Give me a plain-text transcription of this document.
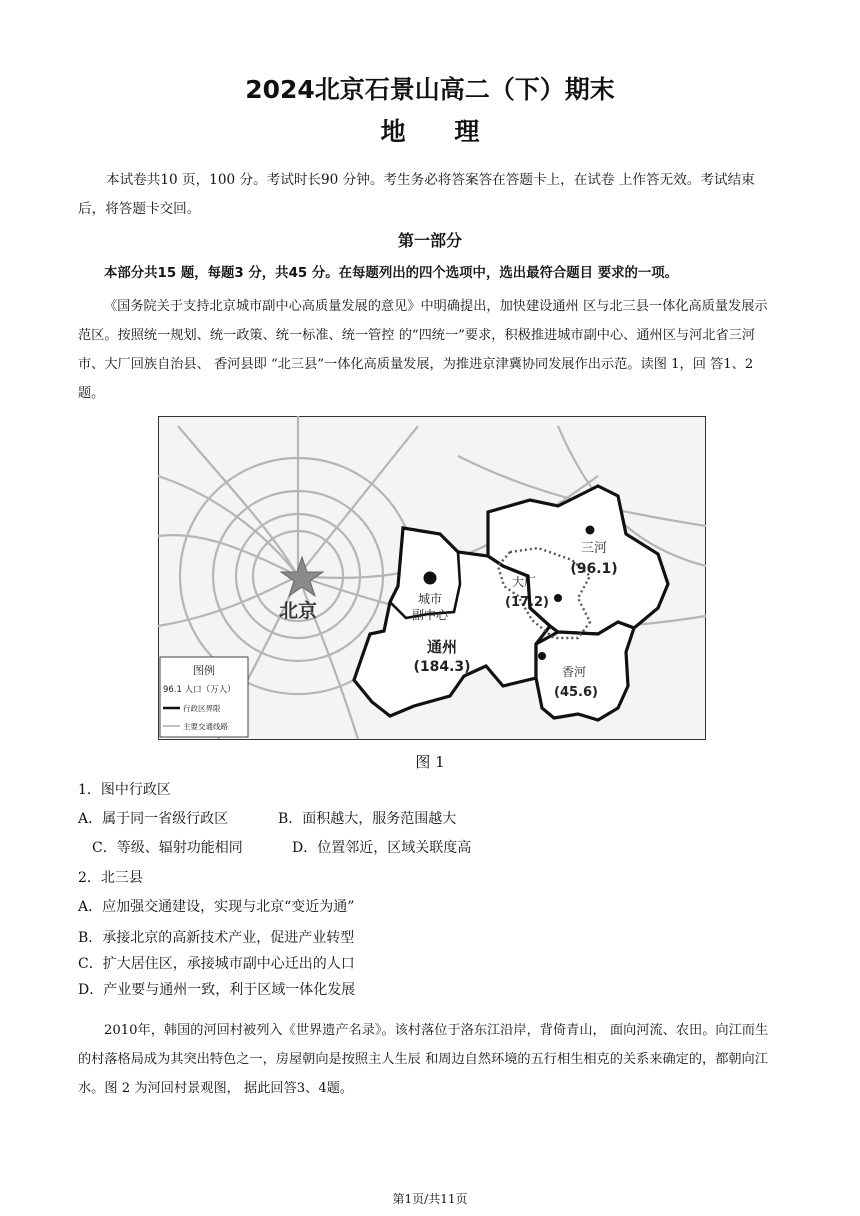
2024北京石景山高二（下）期末
地 理
本试卷共10 页，100 分。考试时长90 分钟。考生务必将答案答在答题卡上，在试卷 上作答无效。考试结束后，将答题卡交回。
第一部分
本部分共15 题，每题3 分，共45 分。在每题列出的四个选项中，选出最符合题目 要求的一项。
《国务院关于支持北京城市副中心高质量发展的意见》中明确提出，加快建设通州 区与北三县一体化高质量发展示范区。按照统一规划、统一政策、统一标准、统一管控 的“四统一”要求，积极推进城市副中心、通州区与河北省三河市、大厂回族自治县、 香河县即 “北三县”一体化高质量发展，为推进京津冀协同发展作出示范。读图 1，回 答1、2 题。
北京
城市
副中心
通州
(184.3)
三河
(96.1)
大厂
(17.2)
香河
(45.6)
图例
96.1 人口（万人）
行政区界限
主要交通线路
图 1
1．图中行政区
A．属于同一省级行政区	B．面积越大，服务范围越大
C．等级、辐射功能相同	D．位置邻近，区域关联度高
2．北三县
A．应加强交通建设，实现与北京“变近为通”
B．承接北京的高新技术产业，促进产业转型
C．扩大居住区，承接城市副中心迁出的人口
D．产业要与通州一致，利于区域一体化发展
2010年，韩国的河回村被列入《世界遗产名录》。该村落位于洛东江沿岸，背倚青山， 面向河流、农田。向江而生的村落格局成为其突出特色之一，房屋朝向是按照主人生辰 和周边自然环境的五行相生相克的关系来确定的，都朝向江水。图 2 为河回村景观图， 据此回答3、4题。
第1页/共11页
